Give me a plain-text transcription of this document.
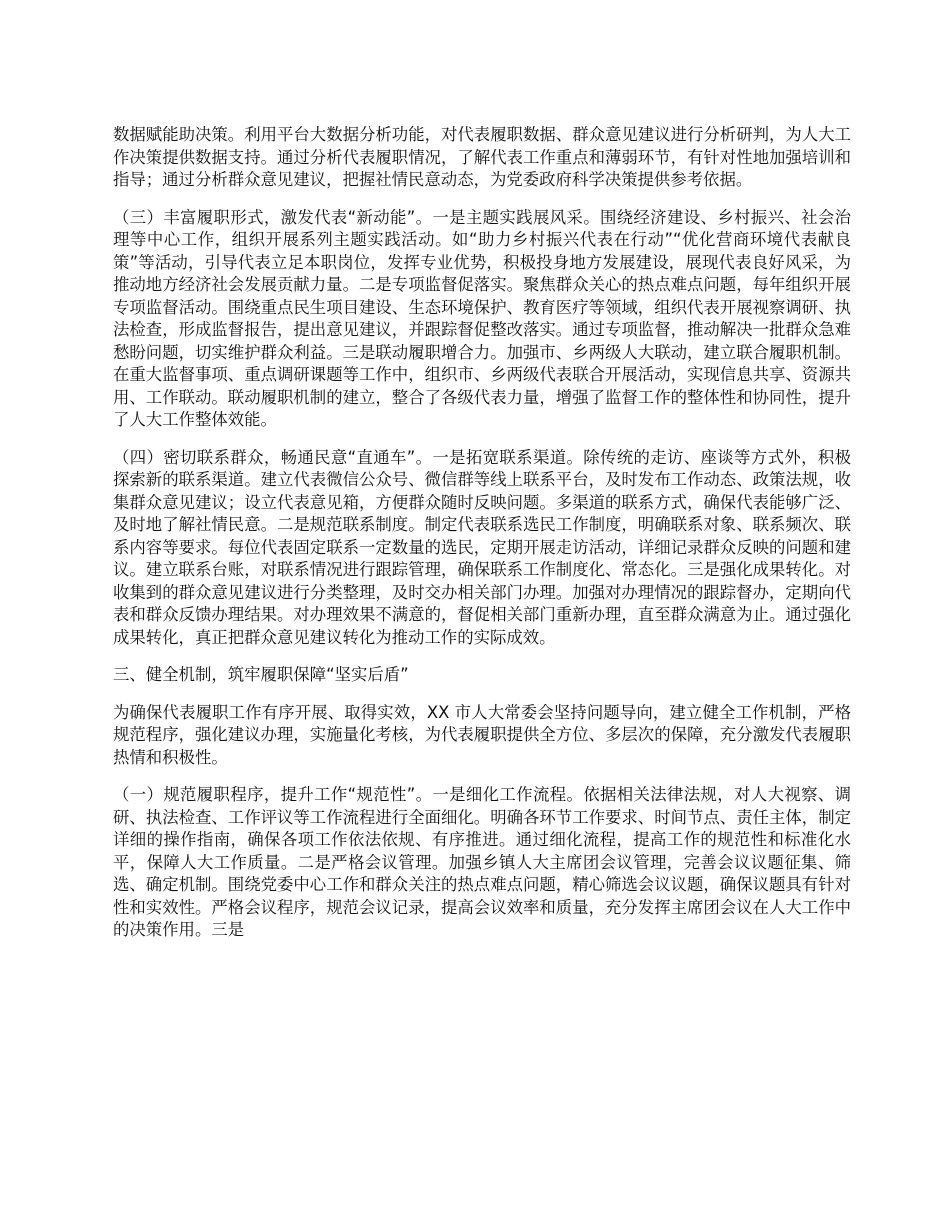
数据赋能助决策。利用平台大数据分析功能，对代表履职数据、群众意见建议进行分析研判，为人大工作决策提供数据支持。通过分析代表履职情况，了解代表工作重点和薄弱环节，有针对性地加强培训和指导；通过分析群众意见建议，把握社情民意动态，为党委政府科学决策提供参考依据。

（三）丰富履职形式，激发代表“新动能”。一是主题实践展风采。围绕经济建设、乡村振兴、社会治理等中心工作，组织开展系列主题实践活动。如“助力乡村振兴代表在行动”“优化营商环境代表献良策”等活动，引导代表立足本职岗位，发挥专业优势，积极投身地方发展建设，展现代表良好风采，为推动地方经济社会发展贡献力量。二是专项监督促落实。聚焦群众关心的热点难点问题，每年组织开展专项监督活动。围绕重点民生项目建设、生态环境保护、教育医疗等领域，组织代表开展视察调研、执法检查，形成监督报告，提出意见建议，并跟踪督促整改落实。通过专项监督，推动解决一批群众急难愁盼问题，切实维护群众利益。三是联动履职增合力。加强市、乡两级人大联动，建立联合履职机制。在重大监督事项、重点调研课题等工作中，组织市、乡两级代表联合开展活动，实现信息共享、资源共用、工作联动。联动履职机制的建立，整合了各级代表力量，增强了监督工作的整体性和协同性，提升了人大工作整体效能。

（四）密切联系群众，畅通民意“直通车”。一是拓宽联系渠道。除传统的走访、座谈等方式外，积极探索新的联系渠道。建立代表微信公众号、微信群等线上联系平台，及时发布工作动态、政策法规，收集群众意见建议；设立代表意见箱，方便群众随时反映问题。多渠道的联系方式，确保代表能够广泛、及时地了解社情民意。二是规范联系制度。制定代表联系选民工作制度，明确联系对象、联系频次、联系内容等要求。每位代表固定联系一定数量的选民，定期开展走访活动，详细记录群众反映的问题和建议。建立联系台账，对联系情况进行跟踪管理，确保联系工作制度化、常态化。三是强化成果转化。对收集到的群众意见建议进行分类整理，及时交办相关部门办理。加强对办理情况的跟踪督办，定期向代表和群众反馈办理结果。对办理效果不满意的，督促相关部门重新办理，直至群众满意为止。通过强化成果转化，真正把群众意见建议转化为推动工作的实际成效。

三、健全机制，筑牢履职保障“坚实后盾”

为确保代表履职工作有序开展、取得实效，XX 市人大常委会坚持问题导向，建立健全工作机制，严格规范程序，强化建议办理，实施量化考核，为代表履职提供全方位、多层次的保障，充分激发代表履职热情和积极性。

（一）规范履职程序，提升工作“规范性”。一是细化工作流程。依据相关法律法规，对人大视察、调研、执法检查、工作评议等工作流程进行全面细化。明确各环节工作要求、时间节点、责任主体，制定详细的操作指南，确保各项工作依法依规、有序推进。通过细化流程，提高工作的规范性和标准化水平，保障人大工作质量。二是严格会议管理。加强乡镇人大主席团会议管理，完善会议议题征集、筛选、确定机制。围绕党委中心工作和群众关注的热点难点问题，精心筛选会议议题，确保议题具有针对性和实效性。严格会议程序，规范会议记录，提高会议效率和质量，充分发挥主席团会议在人大工作中的决策作用。三是
